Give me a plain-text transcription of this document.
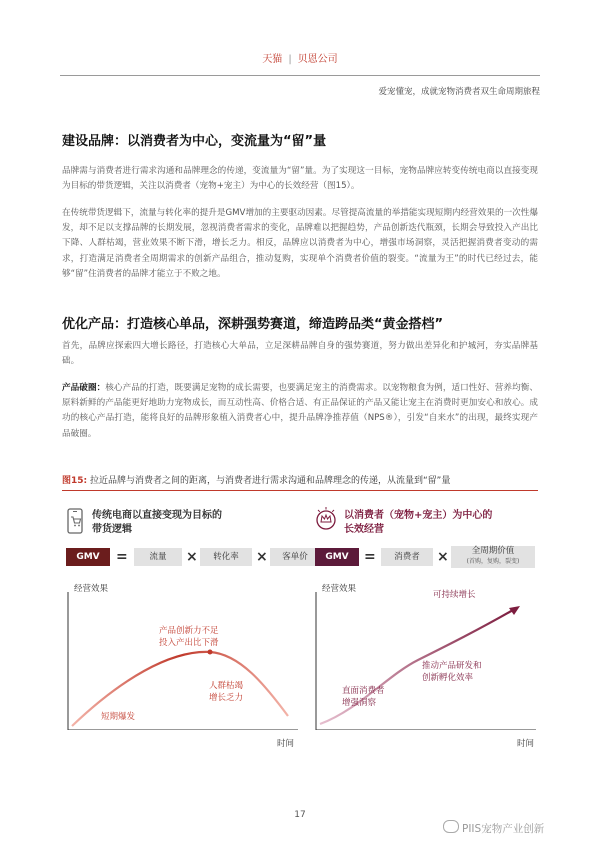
天猫 | 贝恩公司
爱宠懂宠，成就宠物消费者双生命周期旅程
建设品牌：以消费者为中心，变流量为“留”量
品牌需与消费者进行需求沟通和品牌理念的传递，变流量为“留”量。为了实现这一目标，宠物品牌应转变传统电商以直接变现为目标的带货逻辑，关注以消费者（宠物+宠主）为中心的长效经营（图15）。
在传统带货逻辑下，流量与转化率的提升是GMV增加的主要驱动因素。尽管提高流量的举措能实现短期内经营效果的一次性爆发，却不足以支撑品牌的长期发展，忽视消费者需求的变化，品牌难以把握趋势，产品创新迭代瓶颈，长期会导致投入产出比下降、人群枯竭，营业效果不断下滑，增长乏力。相反，品牌应以消费者为中心，增强市场洞察，灵活把握消费者变动的需求，打造满足消费者全周期需求的创新产品组合，推动复购，实现单个消费者价值的裂变。“流量为王”的时代已经过去，能够“留”住消费者的品牌才能立于不败之地。
优化产品：打造核心单品，深耕强势赛道，缔造跨品类“黄金搭档”
首先，品牌应探索四大增长路径，打造核心大单品，立足深耕品牌自身的强势赛道，努力做出差异化和护城河，夯实品牌基础。
产品破圈：核心产品的打造，既要满足宠物的成长需要，也要满足宠主的消费需求。以宠物粮食为例，适口性好、营养均衡、原料新鲜的产品能更好地助力宠物成长，而互动性高、价格合适、有正品保证的产品又能让宠主在消费时更加安心和放心。成功的核心产品打造，能将良好的品牌形象植入消费者心中，提升品牌净推荐值（NPS®），引发“自来水”的出现，最终实现产品破圈。
图15: 拉近品牌与消费者之间的距离，与消费者进行需求沟通和品牌理念的传递，从流量到“留”量
传统电商以直接变现为目标的
带货逻辑
GMV	=	流量	×	转化率	×	客单价
经营效果
时间
产品创新力不足
投入产出比下滑
人群枯竭
增长乏力
短期爆发
以消费者（宠物+宠主）为中心的
长效经营
GMV	=	消费者	×	全周期价值
(首购，复购，裂变)
经营效果
时间
可持续增长
推动产品研发和
创新孵化效率
直面消费者
增强洞察
17
PIIS宠物产业创新
